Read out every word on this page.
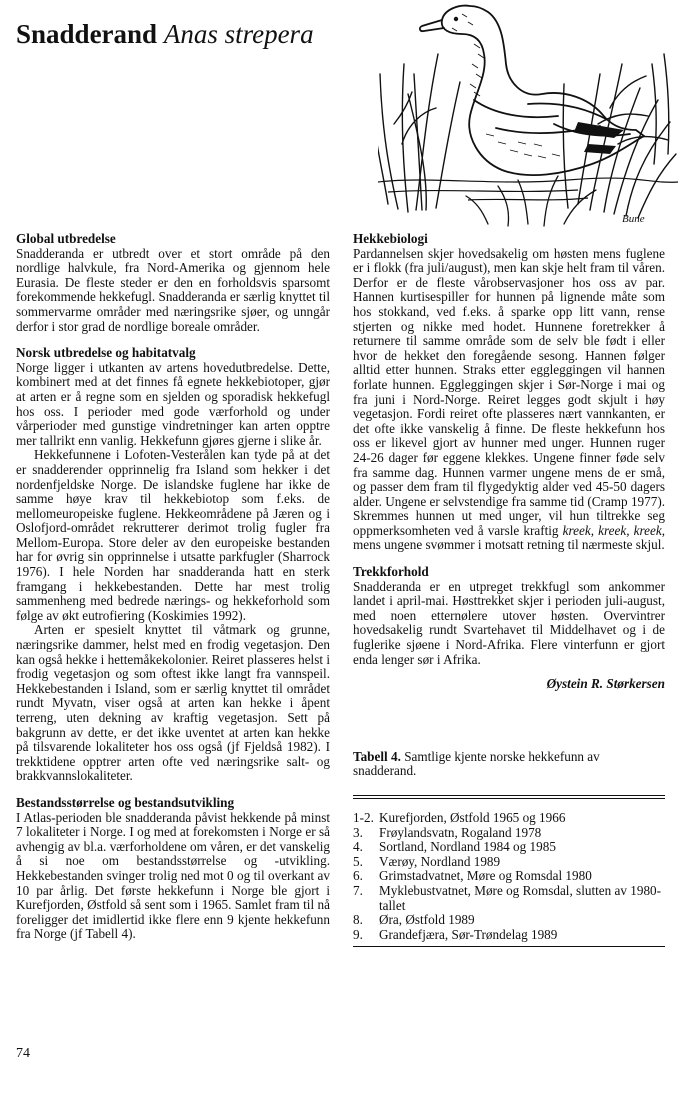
Snadderand Anas strepera
Bune
Global utbredelse

Snadderanda er utbredt over et stort område på den nordlige halvkule, fra Nord-Amerika og gjennom hele Eurasia. De fleste steder er den en forholdsvis sparsomt forekommende hekkefugl. Snadderanda er særlig knyttet til sommervarme områder med næringsrike sjøer, og unngår derfor i stor grad de nordlige boreale områder.

Norsk utbredelse og habitatvalg

Norge ligger i utkanten av artens hovedutbredelse. Dette, kombinert med at det finnes få egnete hekkebiotoper, gjør at arten er å regne som en sjelden og sporadisk hekkefugl hos oss. I perioder med gode værforhold og under vårperioder med gunstige vindretninger kan arten opptre mer tallrikt enn vanlig. Hekkefunn gjøres gjerne i slike år.

Hekkefunnene i Lofoten-Vesterålen kan tyde på at det er snadderender opprinnelig fra Island som hekker i det nordenfjeldske Norge. De islandske fuglene har ikke de samme høye krav til hekkebiotop som f.eks. de mellomeuropeiske fuglene. Hekkeområdene på Jæren og i Oslofjord-området rekrutterer derimot trolig fugler fra Mellom-Europa. Store deler av den europeiske bestanden har for øvrig sin opprinnelse i utsatte parkfugler (Sharrock 1976). I hele Norden har snadderanda hatt en sterk framgang i hekkebestanden. Dette har mest trolig sammenheng med bedrede nærings- og hekkeforhold som følge av økt eutrofiering (Koskimies 1992).

Arten er spesielt knyttet til våtmark og grunne, næringsrike dammer, helst med en frodig vegetasjon. Den kan også hekke i hettemåkekolonier. Reiret plasseres helst i frodig vegetasjon og som oftest ikke langt fra vannspeil. Hekkebestanden i Island, som er særlig knyttet til området rundt Myvatn, viser også at arten kan hekke i åpent terreng, uten dekning av kraftig vegetasjon. Sett på bakgrunn av dette, er det ikke uventet at arten kan hekke på tilsvarende lokaliteter hos oss også (jf Fjeldså 1982). I trekktidene opptrer arten ofte ved næringsrike salt- og brakkvannslokaliteter.

Bestandsstørrelse og bestandsutvikling

I Atlas-perioden ble snadderanda påvist hekkende på minst 7 lokaliteter i Norge. I og med at forekomsten i Norge er så avhengig av bl.a. værforholdene om våren, er det vanskelig å si noe om bestandsstørrelse og -utvikling. Hekkebestanden svinger trolig ned mot 0 og til overkant av 10 par årlig. Det første hekkefunn i Norge ble gjort i Kurefjorden, Østfold så sent som i 1965. Samlet fram til nå foreligger det imidlertid ikke flere enn 9 kjente hekkefunn fra Norge (jf Tabell 4).

Hekkebiologi

Pardannelsen skjer hovedsakelig om høsten mens fuglene er i flokk (fra juli/august), men kan skje helt fram til våren. Derfor er de fleste vårobservasjoner hos oss av par. Hannen kurtisespiller for hunnen på lignende måte som hos stokkand, ved f.eks. å sparke opp litt vann, rense stjerten og nikke med hodet. Hunnene foretrekker å returnere til samme område som de selv ble født i eller hvor de hekket den foregående sesong. Hannen følger alltid etter hunnen. Straks etter eggleggingen vil hannen forlate hunnen. Eggleggingen skjer i Sør-Norge i mai og fra juni i Nord-Norge. Reiret legges godt skjult i høy vegetasjon. Fordi reiret ofte plasseres nært vannkanten, er det ofte ikke vanskelig å finne. De fleste hekkefunn hos oss er likevel gjort av hunner med unger. Hunnen ruger 24-26 dager før eggene klekkes. Ungene finner føde selv fra samme dag. Hunnen varmer ungene mens de er små, og passer dem fram til flygedyktig alder ved 45-50 dagers alder. Ungene er selvstendige fra samme tid (Cramp 1977). Skremmes hunnen ut med unger, vil hun tiltrekke seg oppmerksomheten ved å varsle kraftig kreek, kreek, kreek, mens ungene svømmer i motsatt retning til nærmeste skjul.

Trekkforhold

Snadderanda er en utpreget trekkfugl som ankommer landet i april-mai. Høsttrekket skjer i perioden juli-august, med noen etternølere utover høsten. Overvintrer hovedsakelig rundt Svartehavet til Middelhavet og i de fuglerike sjøene i Nord-Afrika. Flere vinterfunn er gjort enda lenger sør i Afrika.

Øystein R. Størkersen
Tabell 4. Samtlige kjente norske hekkefunn av snadderand.
1-2. Kurefjorden, Østfold 1965 og 1966
3.	Frøylandsvatn, Rogaland 1978
4.	Sortland, Nordland 1984 og 1985
5.	Værøy, Nordland 1989
6.	Grimstadvatnet, Møre og Romsdal 1980
7.	Myklebustvatnet, Møre og Romsdal, slutten av 1980-tallet
8.	Øra, Østfold 1989
9.	Grandefjæra, Sør-Trøndelag 1989
74
